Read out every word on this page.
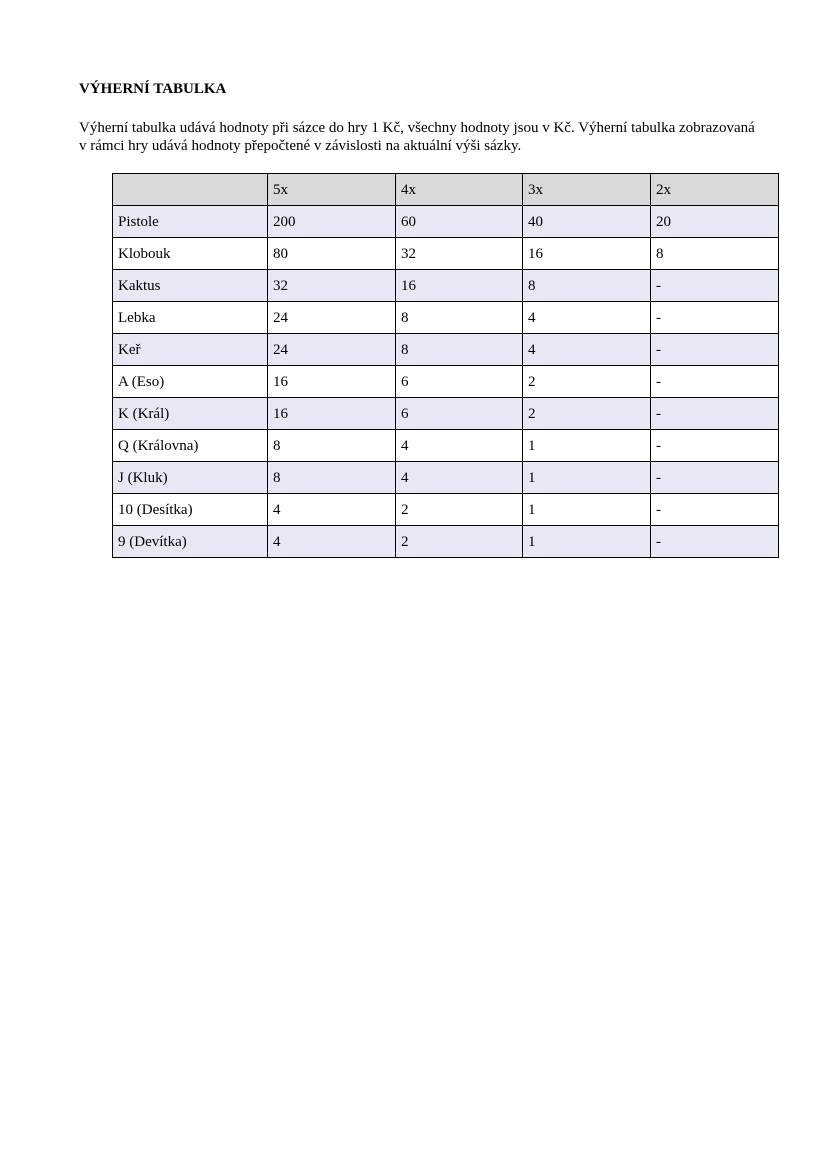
VÝHERNÍ TABULKA

Výherní tabulka udává hodnoty při sázce do hry 1 Kč, všechny hodnoty jsou v Kč. Výherní tabulka zobrazovaná v rámci hry udává hodnoty přepočtené v závislosti na aktuální výši sázky.

	5x	4x	3x	2x
Pistole	200	60	40	20
Klobouk	80	32	16	8
Kaktus	32	16	8	-
Lebka	24	8	4	-
Keř	24	8	4	-
A (Eso)	16	6	2	-
K (Král)	16	6	2	-
Q (Královna)	8	4	1	-
J (Kluk)	8	4	1	-
10 (Desítka)	4	2	1	-
9 (Devítka)	4	2	1	-
